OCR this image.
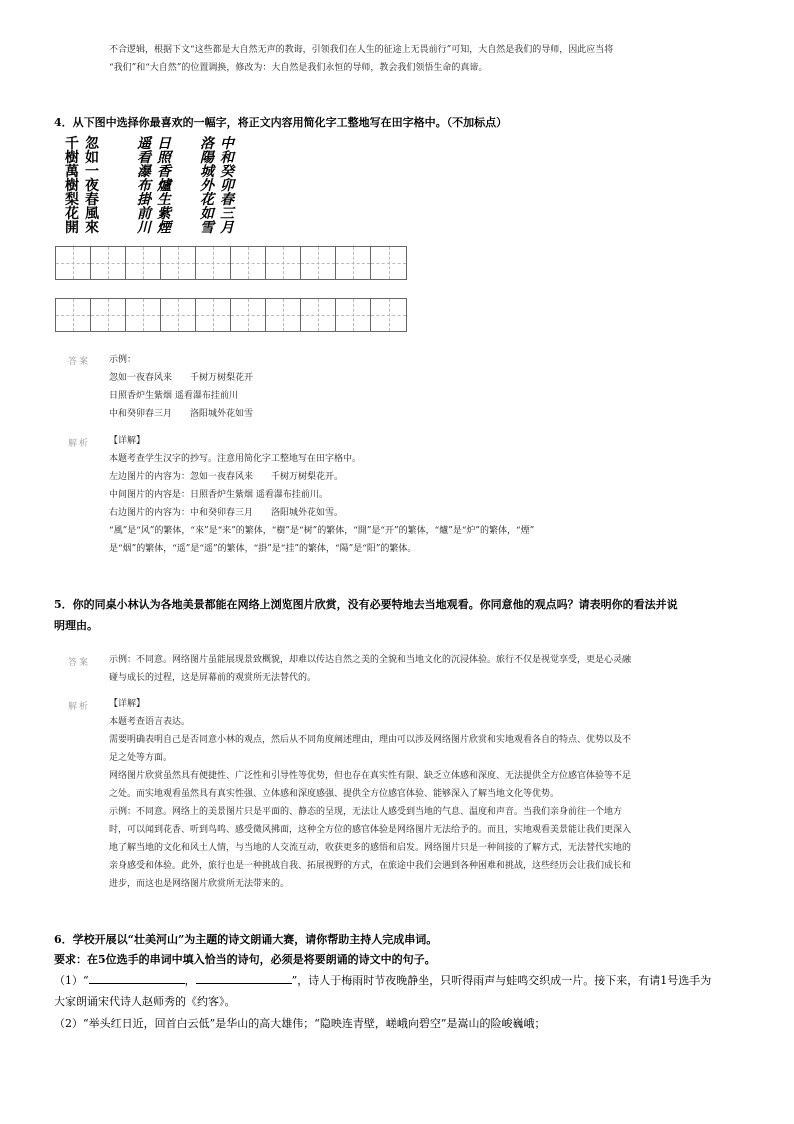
不合逻辑，根据下文“这些都是大自然无声的教诲，引领我们在人生的征途上无畏前行”可知，大自然是我们的导师，因此应当将

“我们”和“大自然”的位置调换，修改为：大自然是我们永恒的导师，教会我们领悟生命的真谛。

4．从下图中选择你最喜欢的一幅字，将正文内容用简化字工整地写在田字格中。（不加标点）

千
樹
萬
樹
梨
花
開
忽
如
一
夜
春
風
來
遥
看
瀑
布
掛
前
川
日
照
香
爐
生
紫
煙
洛
陽
城
外
花
如
雪
中
和
癸
卯
春
三
月
答案 示例：

忽如一夜春风来　　千树万树梨花开

日照香炉生紫烟 遥看瀑布挂前川

中和癸卯春三月　　洛阳城外花如雪

解析 【详解】

本题考查学生汉字的抄写。注意用简化字工整地写在田字格中。

左边图片的内容为：忽如一夜春风来　　千树万树梨花开。

中间图片的内容是：日照香炉生紫烟 遥看瀑布挂前川。

右边图片的内容为：中和癸卯春三月　　洛阳城外花如雪。

“風”是“风”的繁体，“來”是“来”的繁体，“樹”是“树”的繁体，“開”是“开”的繁体，“爐”是“炉”的繁体，“煙”

是“烟”的繁体，“遥”是“遥”的繁体，“掛”是“挂”的繁体，“陽”是“阳”的繁体。

5．你的同桌小林认为各地美景都能在网络上浏览图片欣赏，没有必要特地去当地观看。你同意他的观点吗？请表明你的看法并说

明理由。

答案 示例：不同意。网络图片虽能展现景致概貌，却难以传达自然之美的全貌和当地文化的沉浸体验。旅行不仅是视觉享受，更是心灵融

碰与成长的过程，这是屏幕前的观赏所无法替代的。

解析 【详解】

本题考查语言表达。

需要明确表明自己是否同意小林的观点，然后从不同角度阐述理由，理由可以涉及网络图片欣赏和实地观看各自的特点、优势以及不

足之处等方面。

网络图片欣赏虽然具有便捷性、广泛性和引导性等优势，但也存在真实性有限、缺乏立体感和深度、无法提供全方位感官体验等不足

之处。而实地观看虽然具有真实性强、立体感和深度感强、提供全方位感官体验、能够深入了解当地文化等优势。

示例：不同意。网络上的美景图片只是平面的、静态的呈现，无法让人感受到当地的气息、温度和声音。当我们亲身前往一个地方

时，可以闻到花香、听到鸟鸣、感受微风拂面，这种全方位的感官体验是网络图片无法给予的。而且，实地观看美景能让我们更深入

地了解当地的文化和风土人情，与当地的人交流互动，收获更多的感悟和启发。网络图片只是一种间接的了解方式，无法替代实地的

亲身感受和体验。此外，旅行也是一种挑战自我、拓展视野的方式，在旅途中我们会遇到各种困难和挑战，这些经历会让我们成长和

进步，而这也是网络图片欣赏所无法带来的。

6．学校开展以“壮美河山”为主题的诗文朗诵大赛，请你帮助主持人完成串词。

要求：在5位选手的串词中填入恰当的诗句，必须是将要朗诵的诗文中的句子。

（1）“	，	”，诗人于梅雨时节夜晚静坐，只听得雨声与蛙鸣交织成一片。接下来，有请1号选手为

大家朗诵宋代诗人赵师秀的《约客》。

（2）“举头红日近，回首白云低”是华山的高大雄伟；“隐映连青壁，嵯峨向碧空”是嵩山的险峻巍峨；
